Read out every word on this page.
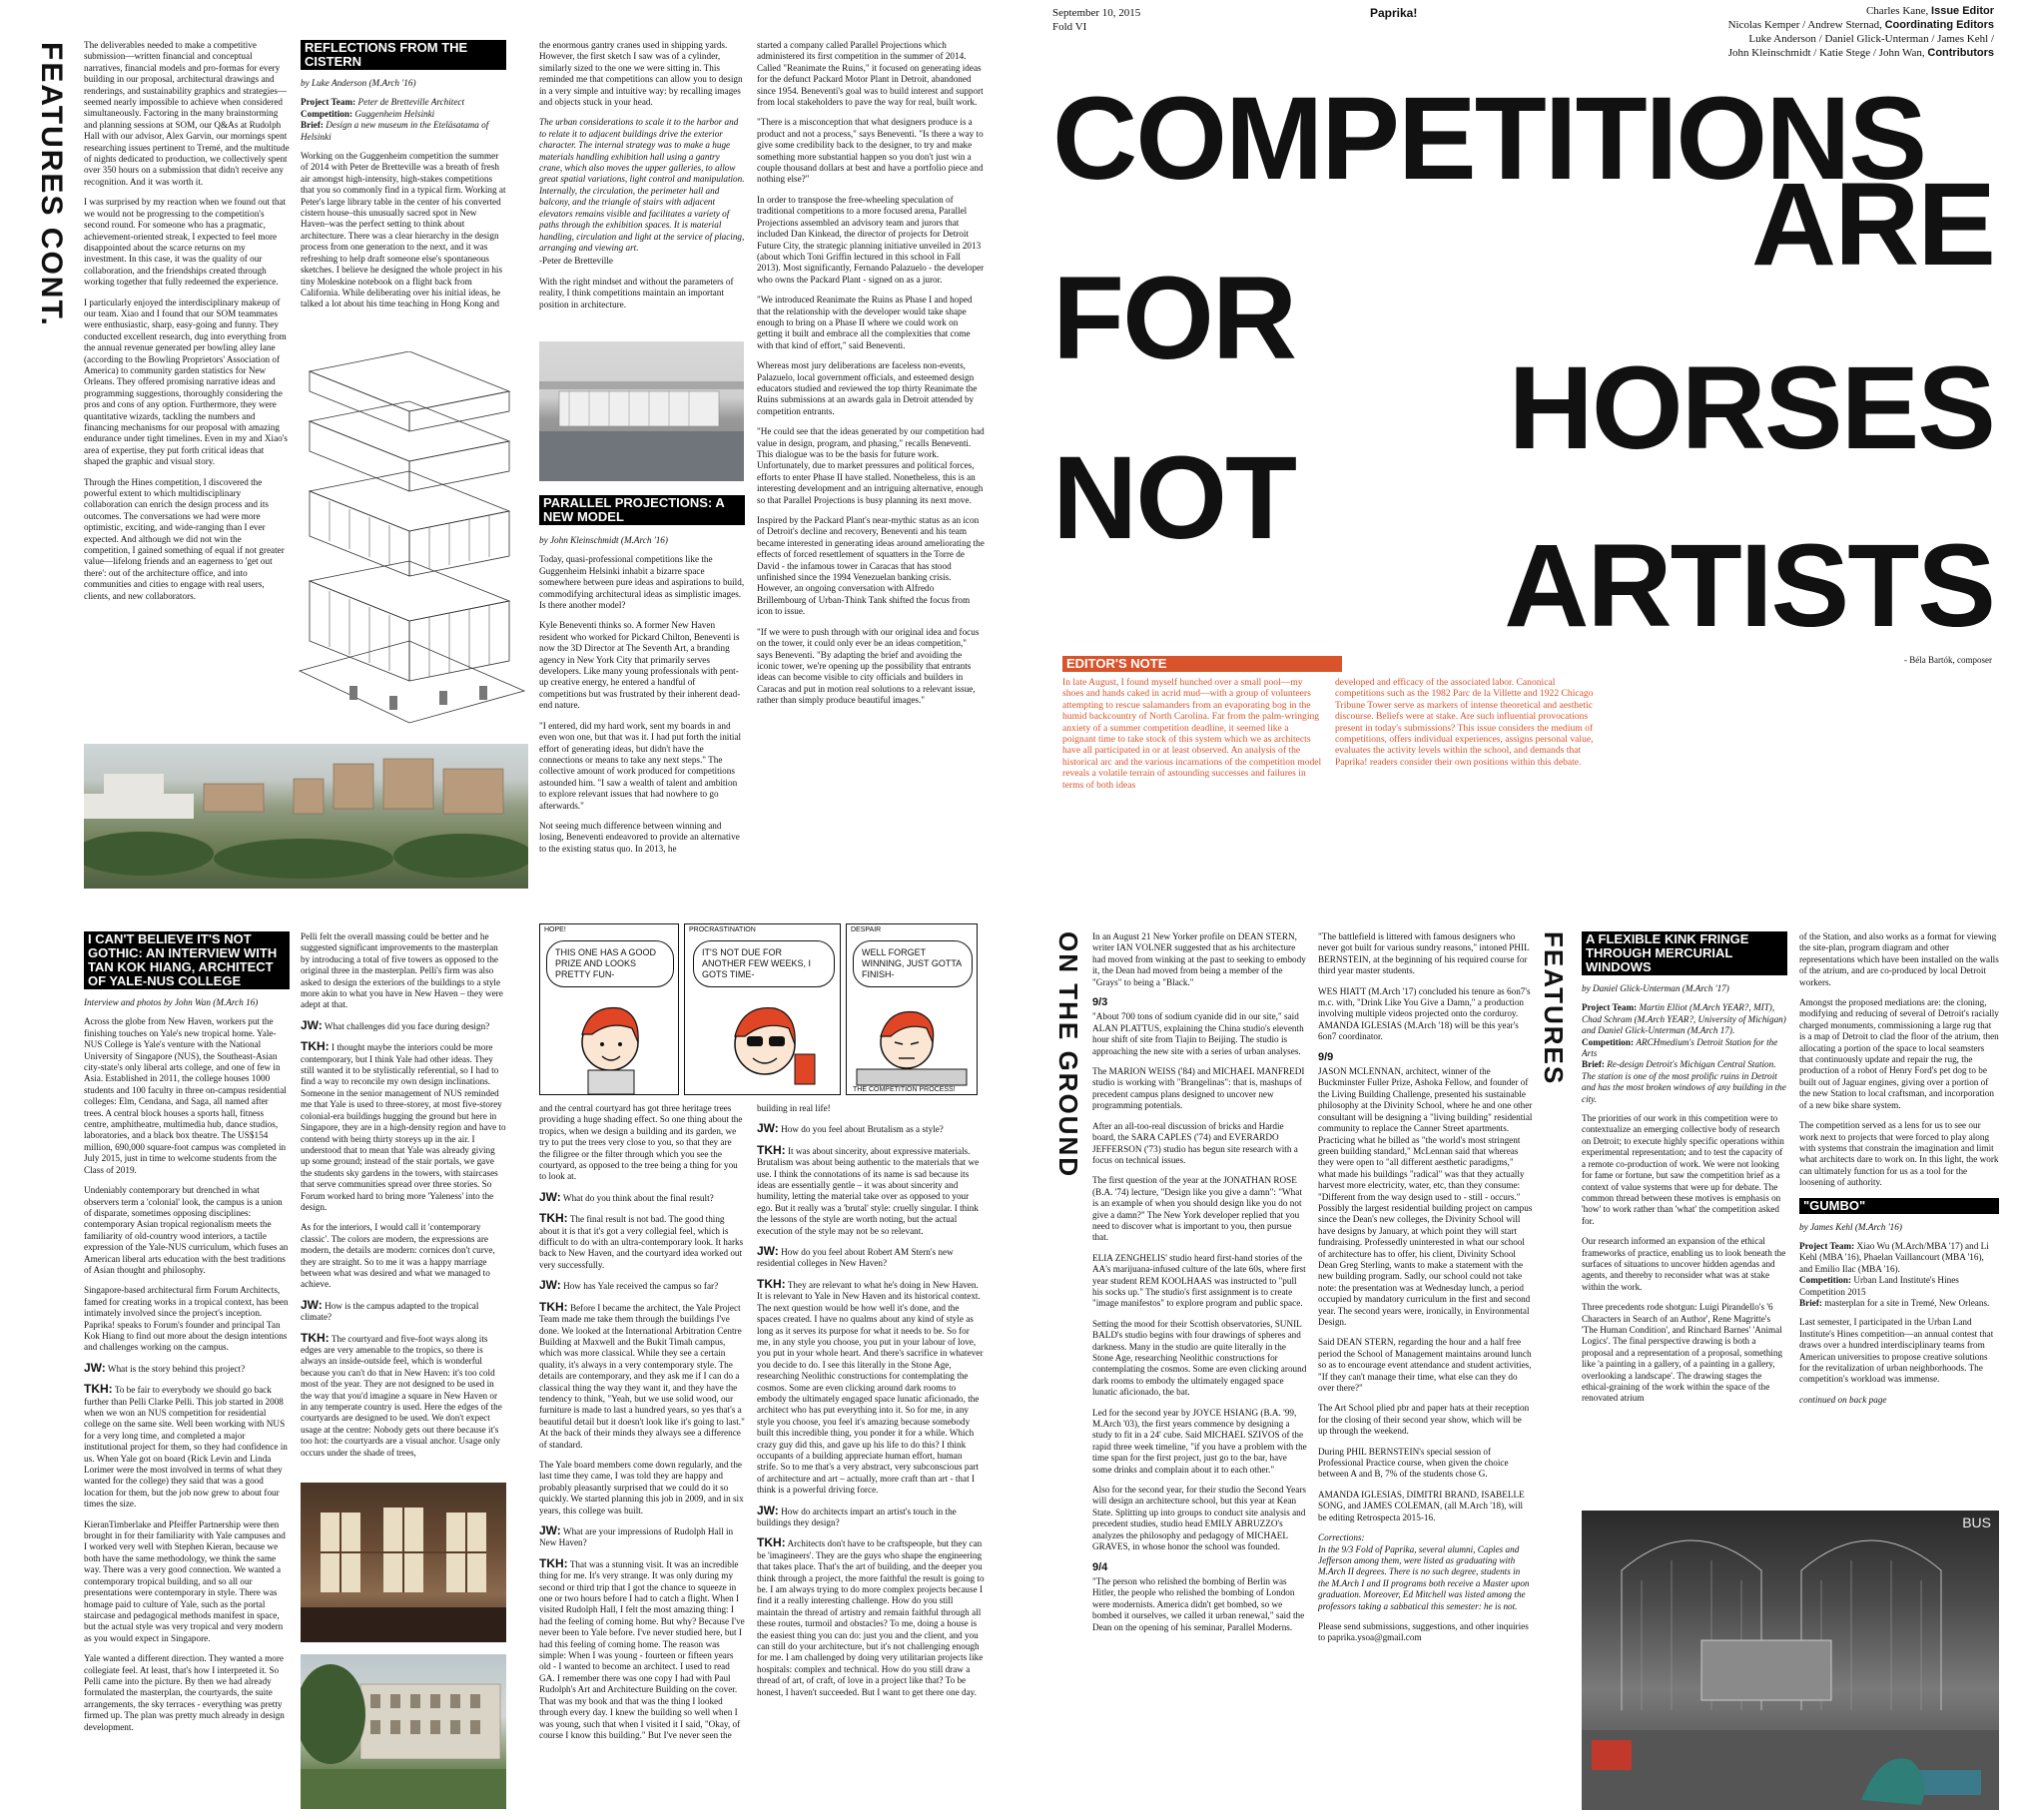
FEATURES CONT. The deliverables needed to make a competitive submission—written financial and conceptual narratives, financial models and pro-formas for every building in our proposal, architectural drawings and renderings, and sustainability graphics and strategies—seemed nearly impossible to achieve when considered simultaneously. Factoring in the many brainstorming and planning sessions at SOM, our Q&As at Rudolph Hall with our advisor, Alex Garvin, our mornings spent researching issues pertinent to Tremé, and the multitude of nights dedicated to production, we collectively spent over 350 hours on a submission that didn't receive any recognition. And it was worth it.

I was surprised by my reaction when we found out that we would not be progressing to the competition's second round. For someone who has a pragmatic, achievement-oriented streak, I expected to feel more disappointed about the scarce returns on my investment. In this case, it was the quality of our collaboration, and the friendships created through working together that fully redeemed the experience.

I particularly enjoyed the interdisciplinary makeup of our team. Xiao and I found that our SOM teammates were enthusiastic, sharp, easy-going and funny. They conducted excellent research, dug into everything from the annual revenue generated per bowling alley lane (according to the Bowling Proprietors' Association of America) to community garden statistics for New Orleans. They offered promising narrative ideas and programming suggestions, thoroughly considering the pros and cons of any option. Furthermore, they were quantitative wizards, tackling the numbers and financing mechanisms for our proposal with amazing endurance under tight timelines. Even in my and Xiao's area of expertise, they put forth critical ideas that shaped the graphic and visual story.

Through the Hines competition, I discovered the powerful extent to which multidisciplinary collaboration can enrich the design process and its outcomes. The conversations we had were more optimistic, exciting, and wide-ranging than I ever expected. And although we did not win the competition, I gained something of equal if not greater value—lifelong friends and an eagerness to 'get out there': out of the architecture office, and into communities and cities to engage with real users, clients, and new collaborators.

REFLECTIONS FROM THE CISTERN
by Luke Anderson (M.Arch '16)
Project Team: Peter de Bretteville Architect
Competition: Guggenheim Helsinki
Brief: Design a new museum in the Eteläsatama of Helsinki

Working on the Guggenheim competition the summer of 2014 with Peter de Bretteville was a breath of fresh air amongst high-intensity, high-stakes competitions that you so commonly find in a typical firm. Working at Peter's large library table in the center of his converted cistern house–this unusually sacred spot in New Haven–was the perfect setting to think about architecture. There was a clear hierarchy in the design process from one generation to the next, and it was refreshing to help draft someone else's spontaneous sketches. I believe he designed the whole project in his tiny Moleskine notebook on a flight back from California. While deliberating over his initial ideas, he talked a lot about his time teaching in Hong Kong and

the enormous gantry cranes used in shipping yards. However, the first sketch I saw was of a cylinder, similarly sized to the one we were sitting in. This reminded me that competitions can allow you to design in a very simple and intuitive way: by recalling images and objects stuck in your head.

The urban considerations to scale it to the harbor and to relate it to adjacent buildings drive the exterior character. The internal strategy was to make a huge materials handling exhibition hall using a gantry crane, which also moves the upper galleries, to allow great spatial variations, light control and manipulation. Internally, the circulation, the perimeter hall and balcony, and the triangle of stairs with adjacent elevators remains visible and facilitates a variety of paths through the exhibition spaces. It is material handling, circulation and light at the service of placing, arranging and viewing art.

-Peter de Bretteville

With the right mindset and without the parameters of reality, I think competitions maintain an important position in architecture.

PARALLEL PROJECTIONS: A NEW MODEL
by John Kleinschmidt (M.Arch '16)

Today, quasi-professional competitions like the Guggenheim Helsinki inhabit a bizarre space somewhere between pure ideas and aspirations to build, commodifying architectural ideas as simplistic images. Is there another model?

Kyle Beneventi thinks so. A former New Haven resident who worked for Pickard Chilton, Beneventi is now the 3D Director at The Seventh Art, a branding agency in New York City that primarily serves developers. Like many young professionals with pent-up creative energy, he entered a handful of competitions but was frustrated by their inherent dead-end nature.

"I entered, did my hard work, sent my boards in and even won one, but that was it. I had put forth the initial effort of generating ideas, but didn't have the connections or means to take any next steps." The collective amount of work produced for competitions astounded him. "I saw a wealth of talent and ambition to explore relevant issues that had nowhere to go afterwards."

Not seeing much difference between winning and losing, Beneventi endeavored to provide an alternative to the existing status quo. In 2013, he

started a company called Parallel Projections which administered its first competition in the summer of 2014. Called "Reanimate the Ruins," it focused on generating ideas for the defunct Packard Motor Plant in Detroit, abandoned since 1954. Beneventi's goal was to build interest and support from local stakeholders to pave the way for real, built work.

"There is a misconception that what designers produce is a product and not a process," says Beneventi. "Is there a way to give some credibility back to the designer, to try and make something more substantial happen so you don't just win a couple thousand dollars at best and have a portfolio piece and nothing else?"

In order to transpose the free-wheeling speculation of traditional competitions to a more focused arena, Parallel Projections assembled an advisory team and jurors that included Dan Kinkead, the director of projects for Detroit Future City, the strategic planning initiative unveiled in 2013 (about which Toni Griffin lectured in this school in Fall 2013). Most significantly, Fernando Palazuelo - the developer who owns the Packard Plant - signed on as a juror.

"We introduced Reanimate the Ruins as Phase I and hoped that the relationship with the developer would take shape enough to bring on a Phase II where we could work on getting it built and embrace all the complexities that come with that kind of effort," said Beneventi.

Whereas most jury deliberations are faceless non-events, Palazuelo, local government officials, and esteemed design educators studied and reviewed the top thirty Reanimate the Ruins submissions at an awards gala in Detroit attended by competition entrants.

"He could see that the ideas generated by our competition had value in design, program, and phasing," recalls Beneventi. This dialogue was to be the basis for future work. Unfortunately, due to market pressures and political forces, efforts to enter Phase II have stalled. Nonetheless, this is an interesting development and an intriguing alternative, enough so that Parallel Projections is busy planning its next move.

Inspired by the Packard Plant's near-mythic status as an icon of Detroit's decline and recovery, Beneventi and his team became interested in generating ideas around ameliorating the effects of forced resettlement of squatters in the Torre de David - the infamous tower in Caracas that has stood unfinished since the 1994 Venezuelan banking crisis. However, an ongoing conversation with Alfredo Brillembourg of Urban-Think Tank shifted the focus from icon to issue.

"If we were to push through with our original idea and focus on the tower, it could only ever be an ideas competition," says Beneventi. "By adapting the brief and avoiding the iconic tower, we're opening up the possibility that entrants ideas can become visible to city officials and builders in Caracas and put in motion real solutions to a relevant issue, rather than simply produce beautiful images."

September 10, 2015
Fold VI
Paprika!	Charles Kane, Issue Editor
Nicolas Kemper / Andrew Sternad, Coordinating Editors
Luke Anderson / Daniel Glick-Unterman / James Kehl /
John Kleinschmidt / Katie Stege / John Wan, Contributors
COMPETITIONS
ARE
FOR
HORSES
NOT
ARTISTS
- Béla Bartók, composer
EDITOR'S NOTE
In late August, I found myself hunched over a small pool—my shoes and hands caked in acrid mud—with a group of volunteers attempting to rescue salamanders from an evaporating bog in the humid backcountry of North Carolina. Far from the palm-wringing anxiety of a summer competition deadline, it seemed like a poignant time to take stock of this system which we as architects have all participated in or at least observed. An analysis of the historical arc and the various incarnations of the competition model reveals a volatile terrain of astounding successes and failures in terms of both ideas
developed and efficacy of the associated labor. Canonical competitions such as the 1982 Parc de la Villette and 1922 Chicago Tribune Tower serve as markers of intense theoretical and aesthetic discourse. Beliefs were at stake. Are such influential provocations present in today's submissions? This issue considers the medium of competitions, offers individual experiences, assigns personal value, evaluates the activity levels within the school, and demands that Paprika! readers consider their own positions within this debate.
I CAN'T BELIEVE IT'S NOT GOTHIC: AN INTERVIEW WITH TAN KOK HIANG, ARCHITECT OF YALE-NUS COLLEGE
Interview and photos by John Wan (M.Arch 16)

Across the globe from New Haven, workers put the finishing touches on Yale's new tropical home. Yale-NUS College is Yale's venture with the National University of Singapore (NUS), the Southeast-Asian city-state's only liberal arts college, and one of few in Asia. Established in 2011, the college houses 1000 students and 100 faculty in three on-campus residential colleges: Elm, Cendana, and Saga, all named after trees. A central block houses a sports hall, fitness centre, amphitheatre, multimedia hub, dance studios, laboratories, and a black box theatre. The US$154 million, 690,000 square-foot campus was completed in July 2015, just in time to welcome students from the Class of 2019.

Undeniably contemporary but drenched in what observers term a 'colonial' look, the campus is a union of disparate, sometimes opposing disciplines: contemporary Asian tropical regionalism meets the familiarity of old-country wood interiors, a tactile expression of the Yale-NUS curriculum, which fuses an American liberal arts education with the best traditions of Asian thought and philosophy.

Singapore-based architectural firm Forum Architects, famed for creating works in a tropical context, has been intimately involved since the project's inception. Paprika! speaks to Forum's founder and principal Tan Kok Hiang to find out more about the design intentions and challenges working on the campus.

JW: What is the story behind this project?

TKH: To be fair to everybody we should go back further than Pelli Clarke Pelli. This job started in 2008 when we won an NUS competition for residential college on the same site. Well been working with NUS for a very long time, and completed a major institutional project for them, so they had confidence in us. When Yale got on board (Rick Levin and Linda Lorimer were the most involved in terms of what they wanted for the college) they said that was a good location for them, but the job now grew to about four times the size.

KieranTimberlake and Pfeiffer Partnership were then brought in for their familiarity with Yale campuses and I worked very well with Stephen Kieran, because we both have the same methodology, we think the same way. There was a very good connection. We wanted a contemporary tropical building, and so all our presentations were contemporary in style. There was homage paid to culture of Yale, such as the portal staircase and pedagogical methods manifest in space, but the actual style was very tropical and very modern as you would expect in Singapore.

Yale wanted a different direction. They wanted a more collegiate feel. At least, that's how I interpreted it. So Pelli came into the picture. By then we had already formulated the masterplan, the courtyards, the suite arrangements, the sky terraces - everything was pretty firmed up. The plan was pretty much already in design development.

Pelli felt the overall massing could be better and he suggested significant improvements to the masterplan by introducing a total of five towers as opposed to the original three in the masterplan. Pelli's firm was also asked to design the exteriors of the buildings to a style more akin to what you have in New Haven – they were adept at that.

JW: What challenges did you face during design?

TKH: I thought maybe the interiors could be more contemporary, but I think Yale had other ideas. They still wanted it to be stylistically referential, so I had to find a way to reconcile my own design inclinations. Someone in the senior management of NUS reminded me that Yale is used to three-storey, at most five-storey colonial-era buildings hugging the ground but here in Singapore, they are in a high-density region and have to contend with being thirty storeys up in the air. I understood that to mean that Yale was already giving up some ground; instead of the stair portals, we gave the students sky gardens in the towers, with staircases that serve communities spread over three stories. So Forum worked hard to bring more 'Yaleness' into the design.

As for the interiors, I would call it 'contemporary classic'. The colors are modern, the expressions are modern, the details are modern: cornices don't curve, they are straight. So to me it was a happy marriage between what was desired and what we managed to achieve.

JW: How is the campus adapted to the tropical climate?

TKH: The courtyard and five-foot ways along its edges are very amenable to the tropics, so there is always an inside-outside feel, which is wonderful because you can't do that in New Haven: it's too cold most of the year. They are not designed to be used in the way that you'd imagine a square in New Haven or in any temperate country is used. Here the edges of the courtyards are designed to be used. We don't expect usage at the centre: Nobody gets out there because it's too hot: the courtyards are a visual anchor. Usage only occurs under the shade of trees,

HOPE!
THIS ONE HAS A GOOD PRIZE AND LOOKS PRETTY FUN-
PROCRASTINATION
IT'S NOT DUE FOR ANOTHER FEW WEEKS, I GOTS TIME-
DESPAIR
WELL FORGET WINNING, JUST GOTTA FINISH-
THE COMPETITION PROCESS!

and the central courtyard has got three heritage trees providing a huge shading effect. So one thing about the tropics, when we design a building and its garden, we try to put the trees very close to you, so that they are the filigree or the filter through which you see the courtyard, as opposed to the tree being a thing for you to look at.

JW: What do you think about the final result?

TKH: The final result is not bad. The good thing about it is that it's got a very collegial feel, which is difficult to do with an ultra-contemporary look. It harks back to New Haven, and the courtyard idea worked out very successfully.

JW: How has Yale received the campus so far?

TKH: Before I became the architect, the Yale Project Team made me take them through the buildings I've done. We looked at the International Arbitration Centre Building at Maxwell and the Bukit Timah campus, which was more classical. While they see a certain quality, it's always in a very contemporary style. The details are contemporary, and they ask me if I can do a classical thing the way they want it, and they have the tendency to think, "Yeah, but we use solid wood, our furniture is made to last a hundred years, so yes that's a beautiful detail but it doesn't look like it's going to last." At the back of their minds they always see a difference of standard.

The Yale board members come down regularly, and the last time they came, I was told they are happy and probably pleasantly surprised that we could do it so quickly. We started planning this job in 2009, and in six years, this college was built.

JW: What are your impressions of Rudolph Hall in New Haven?

TKH: That was a stunning visit. It was an incredible thing for me. It's very strange. It was only during my second or third trip that I got the chance to squeeze in one or two hours before I had to catch a flight. When I visited Rudolph Hall, I felt the most amazing thing: I had the feeling of coming home. But why? Because I've never been to Yale before. I've never studied here, but I had this feeling of coming home. The reason was simple: When I was young - fourteen or fifteen years old - I wanted to become an architect. I used to read GA. I remember there was one copy I had with Paul Rudolph's Art and Architecture Building on the cover. That was my book and that was the thing I looked through every day. I knew the building so well when I was young, such that when I visited it I said, "Okay, of course I know this building." But I've never seen the

building in real life!

JW: How do you feel about Brutalism as a style?

TKH: It was about sincerity, about expressive materials. Brutalism was about being authentic to the materials that we use. I think the connotations of its name is sad because its ideas are essentially gentle – it was about sincerity and humility, letting the material take over as opposed to your ego. But it really was a 'brutal' style: cruelly singular. I think the lessons of the style are worth noting, but the actual execution of the style may not be so relevant.

JW: How do you feel about Robert AM Stern's new residential colleges in New Haven?

TKH: They are relevant to what he's doing in New Haven. It is relevant to Yale in New Haven and its historical context. The next question would be how well it's done, and the spaces created. I have no qualms about any kind of style as long as it serves its purpose for what it needs to be. So for me, in any style you choose, you put in your labour of love, you put in your whole heart. And there's sacrifice in whatever you decide to do. I see this literally in the Stone Age, researching Neolithic constructions for contemplating the cosmos. Some are even clicking around dark rooms to embody the ultimately engaged space lunatic aficionado, the architect who has put everything into it. So for me, in any style you choose, you feel it's amazing because somebody built this incredible thing, you ponder it for a while. Which crazy guy did this, and gave up his life to do this? I think occupants of a building appreciate human effort, human strife. So to me that's a very abstract, very subconscious part of architecture and art – actually, more craft than art - that I think is a powerful driving force.

JW: How do architects impart an artist's touch in the buildings they design?

TKH: Architects don't have to be craftspeople, but they can be 'imagineers'. They are the guys who shape the engineering that takes place. That's the art of building, and the deeper you think through a project, the more faithful the result is going to be. I am always trying to do more complex projects because I find it a really interesting challenge. How do you still maintain the thread of artistry and remain faithful through all these routes, turmoil and obstacles? To me, doing a house is the easiest thing you can do: just you and the client, and you can still do your architecture, but it's not challenging enough for me. I am challenged by doing very utilitarian projects like hospitals: complex and technical. How do you still draw a thread of art, of craft, of love in a project like that? To be honest, I haven't succeeded. But I want to get there one day.

ON THE GROUND In an August 21 New Yorker profile on DEAN STERN, writer IAN VOLNER suggested that as his architecture had moved from winking at the past to seeking to embody it, the Dean had moved from being a member of the "Grays" to being a "Black."

9/3

"About 700 tons of sodium cyanide did in our site," said ALAN PLATTUS, explaining the China studio's eleventh hour shift of site from Tiajin to Beijing. The studio is approaching the new site with a series of urban analyses.

The MARION WEISS ('84) and MICHAEL MANFREDI studio is working with "Brangelinas": that is, mashups of precedent campus plans designed to uncover new programming potentials.

After an all-too-real discussion of bricks and Hardie board, the SARA CAPLES ('74) and EVERARDO JEFFERSON ('73) studio has begun site research with a focus on technical issues.

The first question of the year at the JONATHAN ROSE (B.A. '74) lecture, "Design like you give a damn": "What is an example of when you should design like you do not give a damn?" The New York developer replied that you need to discover what is important to you, then pursue that.

ELIA ZENGHELIS' studio heard first-hand stories of the AA's marijuana-infused culture of the late 60s, where first year student REM KOOLHAAS was instructed to "pull his socks up." The studio's first assignment is to create "image manifestos" to explore program and public space.

Setting the mood for their Scottish observatories, SUNIL BALD's studio begins with four drawings of spheres and darkness. Many in the studio are quite literally in the Stone Age, researching Neolithic constructions for contemplating the cosmos. Some are even clicking around dark rooms to embody the ultimately engaged space lunatic aficionado, the bat.

Led for the second year by JOYCE HSIANG (B.A. '99, M.Arch '03), the first years commence by designing a study to fit in a 24' cube. Said MICHAEL SZIVOS of the rapid three week timeline, "if you have a problem with the time span for the first project, just go to the bar, have some drinks and complain about it to each other."

Also for the second year, for their studio the Second Years will design an architecture school, but this year at Kean State. Splitting up into groups to conduct site analysis and precedent studies, studio head EMILY ABRUZZO's analyzes the philosophy and pedagogy of MICHAEL GRAVES, in whose honor the school was founded.

9/4

"The person who relished the bombing of Berlin was Hitler, the people who relished the bombing of London were modernists. America didn't get bombed, so we bombed it ourselves, we called it urban renewal," said the Dean on the opening of his seminar, Parallel Moderns.

"The battlefield is littered with famous designers who never got built for various sundry reasons," intoned PHIL BERNSTEIN, at the beginning of his required course for third year master students.

WES HIATT (M.Arch '17) concluded his tenure as 6on7's m.c. with, "Drink Like You Give a Damn," a production involving multiple videos projected onto the corduroy. AMANDA IGLESIAS (M.Arch '18) will be this year's 6on7 coordinator.

9/9

JASON MCLENNAN, architect, winner of the Buckminster Fuller Prize, Ashoka Fellow, and founder of the Living Building Challenge, presented his sustainable philosophy at the Divinity School, where he and one other consultant will be designing a "living building" residential community to replace the Canner Street apartments. Practicing what he billed as "the world's most stringent green building standard," McLennan said that whereas they were open to "all different aesthetic paradigms," what made his buildings "radical" was that they actually harvest more electricity, water, etc, than they consume: "Different from the way design used to - still - occurs." Possibly the largest residential building project on campus since the Dean's new colleges, the Divinity School will have designs by January, at which point they will start fundraising. Professedly uninterested in what our school of architecture has to offer, his client, Divinity School Dean Greg Sterling, wants to make a statement with the new building program. Sadly, our school could not take note: the presentation was at Wednesday lunch, a period occupied by mandatory curriculum in the first and second year. The second years were, ironically, in Environmental Design.

Said DEAN STERN, regarding the hour and a half free period the School of Management maintains around lunch so as to encourage event attendance and student activities, "If they can't manage their time, what else can they do over there?"

The Art School plied pbr and paper hats at their reception for the closing of their second year show, which will be up through the weekend.

During PHIL BERNSTEIN's special session of Professional Practice course, when given the choice between A and B, 7% of the students chose G.

AMANDA IGLESIAS, DIMITRI BRAND, ISABELLE SONG, and JAMES COLEMAN, (all M.Arch '18), will be editing Retrospecta 2015-16.

Corrections:

In the 9/3 Fold of Paprika, several alumni, Caples and Jefferson among them, were listed as graduating with M.Arch II degrees. There is no such degree, students in the M.Arch I and II programs both receive a Master upon graduation. Moreover, Ed Mitchell was listed among the professors taking a sabbatical this semester: he is not.

Please send submissions, suggestions, and other inquiries to paprika.ysoa@gmail.com

FEATURES	A FLEXIBLE KINK FRINGE THROUGH MERCURIAL WINDOWS
by Daniel Glick-Unterman (M.Arch '17)
Project Team: Martin Elliot (M.Arch YEAR?, MIT), Chad Schram (M.Arch YEAR?, University of Michigan) and Daniel Glick-Unterman (M.Arch 17).
Competition: ARCHmedium's Detroit Station for the Arts
Brief: Re-design Detroit's Michigan Central Station. The station is one of the most prolific ruins in Detroit and has the most broken windows of any building in the city.

The priorities of our work in this competition were to contextualize an emerging collective body of research on Detroit; to execute highly specific operations within experimental representation; and to test the capacity of a remote co-production of work. We were not looking for fame or fortune, but saw the competition brief as a context of value systems that were up for debate. The common thread between these motives is emphasis on 'how' to work rather than 'what' the competition asked for.

Our research informed an expansion of the ethical frameworks of practice, enabling us to look beneath the surfaces of situations to uncover hidden agendas and agents, and thereby to reconsider what was at stake within the work.

Three precedents rode shotgun: Luigi Pirandello's '6 Characters in Search of an Author', Rene Magritte's 'The Human Condition', and Rinchard Barnes' 'Animal Logics'. The final perspective drawing is both a proposal and a representation of a proposal, something like 'a painting in a gallery, of a painting in a gallery, overlooking a landscape'. The drawing stages the ethical-graining of the work within the space of the renovated atrium

of the Station, and also works as a format for viewing the site-plan, program diagram and other representations which have been installed on the walls of the atrium, and are co-produced by local Detroit workers.

Amongst the proposed mediations are: the cloning, modifying and reducing of several of Detroit's racially charged monuments, commissioning a large rug that is a map of Detroit to clad the floor of the atrium, then allocating a portion of the space to local seamsters that continuously update and repair the rug, the production of a robot of Henry Ford's pet dog to be built out of Jaguar engines, giving over a portion of the new Station to local craftsman, and incorporation of a new bike share system.

The competition served as a lens for us to see our work next to projects that were forced to play along with systems that constrain the imagination and limit what architects dare to work on. In this light, the work can ultimately function for us as a tool for the loosening of authority.

"GUMBO"
by James Kehl (M.Arch '16)
Project Team: Xiao Wu (M.Arch/MBA '17) and Li Kehl (MBA '16), Phaelan Vaillancourt (MBA '16), and Emilio Ilac (MBA '16).
Competition: Urban Land Institute's Hines Competition 2015
Brief: masterplan for a site in Tremé, New Orleans.

Last semester, I participated in the Urban Land Institute's Hines competition—an annual contest that draws over a hundred interdisciplinary teams from American universities to propose creative solutions for the revitalization of urban neighborhoods. The competition's workload was immense.

continued on back page

BUS
